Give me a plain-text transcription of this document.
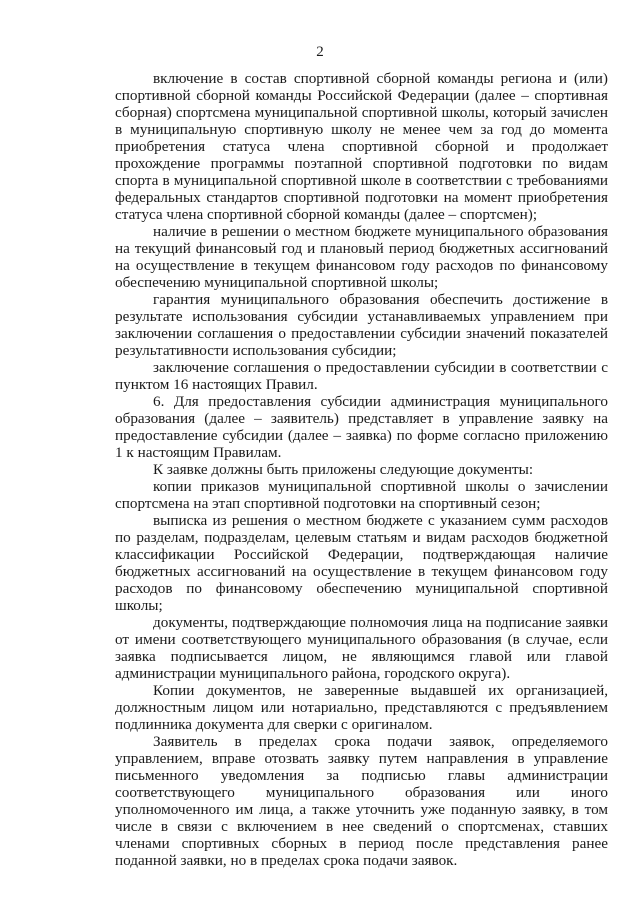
2

включение в состав спортивной сборной команды региона и (или) спортивной сборной команды Российской Федерации (далее – спортивная сборная) спортсмена муниципальной спортивной школы, который зачислен в муниципальную спортивную школу не менее чем за год до момента приобретения статуса члена спортивной сборной и продолжает прохождение программы поэтапной спортивной подготовки по видам спорта в муниципальной спортивной школе в соответствии с требованиями федеральных стандартов спортивной подготовки на момент приобретения статуса члена спортивной сборной команды (далее – спортсмен);

наличие в решении о местном бюджете муниципального образования на текущий финансовый год и плановый период бюджетных ассигнований на осуществление в текущем финансовом году расходов по финансовому обеспечению муниципальной спортивной школы;

гарантия муниципального образования обеспечить достижение в результате использования субсидии устанавливаемых управлением при заключении соглашения о предоставлении субсидии значений показателей результативности использования субсидии;

заключение соглашения о предоставлении субсидии в соответствии с пунктом 16 настоящих Правил.

6. Для предоставления субсидии администрация муниципального образования (далее – заявитель) представляет в управление заявку на предоставление субсидии (далее – заявка) по форме согласно приложению 1 к настоящим Правилам.

К заявке должны быть приложены следующие документы:

копии приказов муниципальной спортивной школы о зачислении спортсмена на этап спортивной подготовки на спортивный сезон;

выписка из решения о местном бюджете с указанием сумм расходов по разделам, подразделам, целевым статьям и видам расходов бюджетной классификации Российской Федерации, подтверждающая наличие бюджетных ассигнований на осуществление в текущем финансовом году расходов по финансовому обеспечению муниципальной спортивной школы;

документы, подтверждающие полномочия лица на подписание заявки от имени соответствующего муниципального образования (в случае, если заявка подписывается лицом, не являющимся главой или главой администрации муниципального района, городского округа).

Копии документов, не заверенные выдавшей их организацией, должностным лицом или нотариально, представляются с предъявлением подлинника документа для сверки с оригиналом.

Заявитель в пределах срока подачи заявок, определяемого управлением, вправе отозвать заявку путем направления в управление письменного уведомления за подписью главы администрации соответствующего муниципального образования или иного уполномоченного им лица, а также уточнить уже поданную заявку, в том числе в связи с включением в нее сведений о спортсменах, ставших членами спортивных сборных в период после представления ранее поданной заявки, но в пределах срока подачи заявок.
